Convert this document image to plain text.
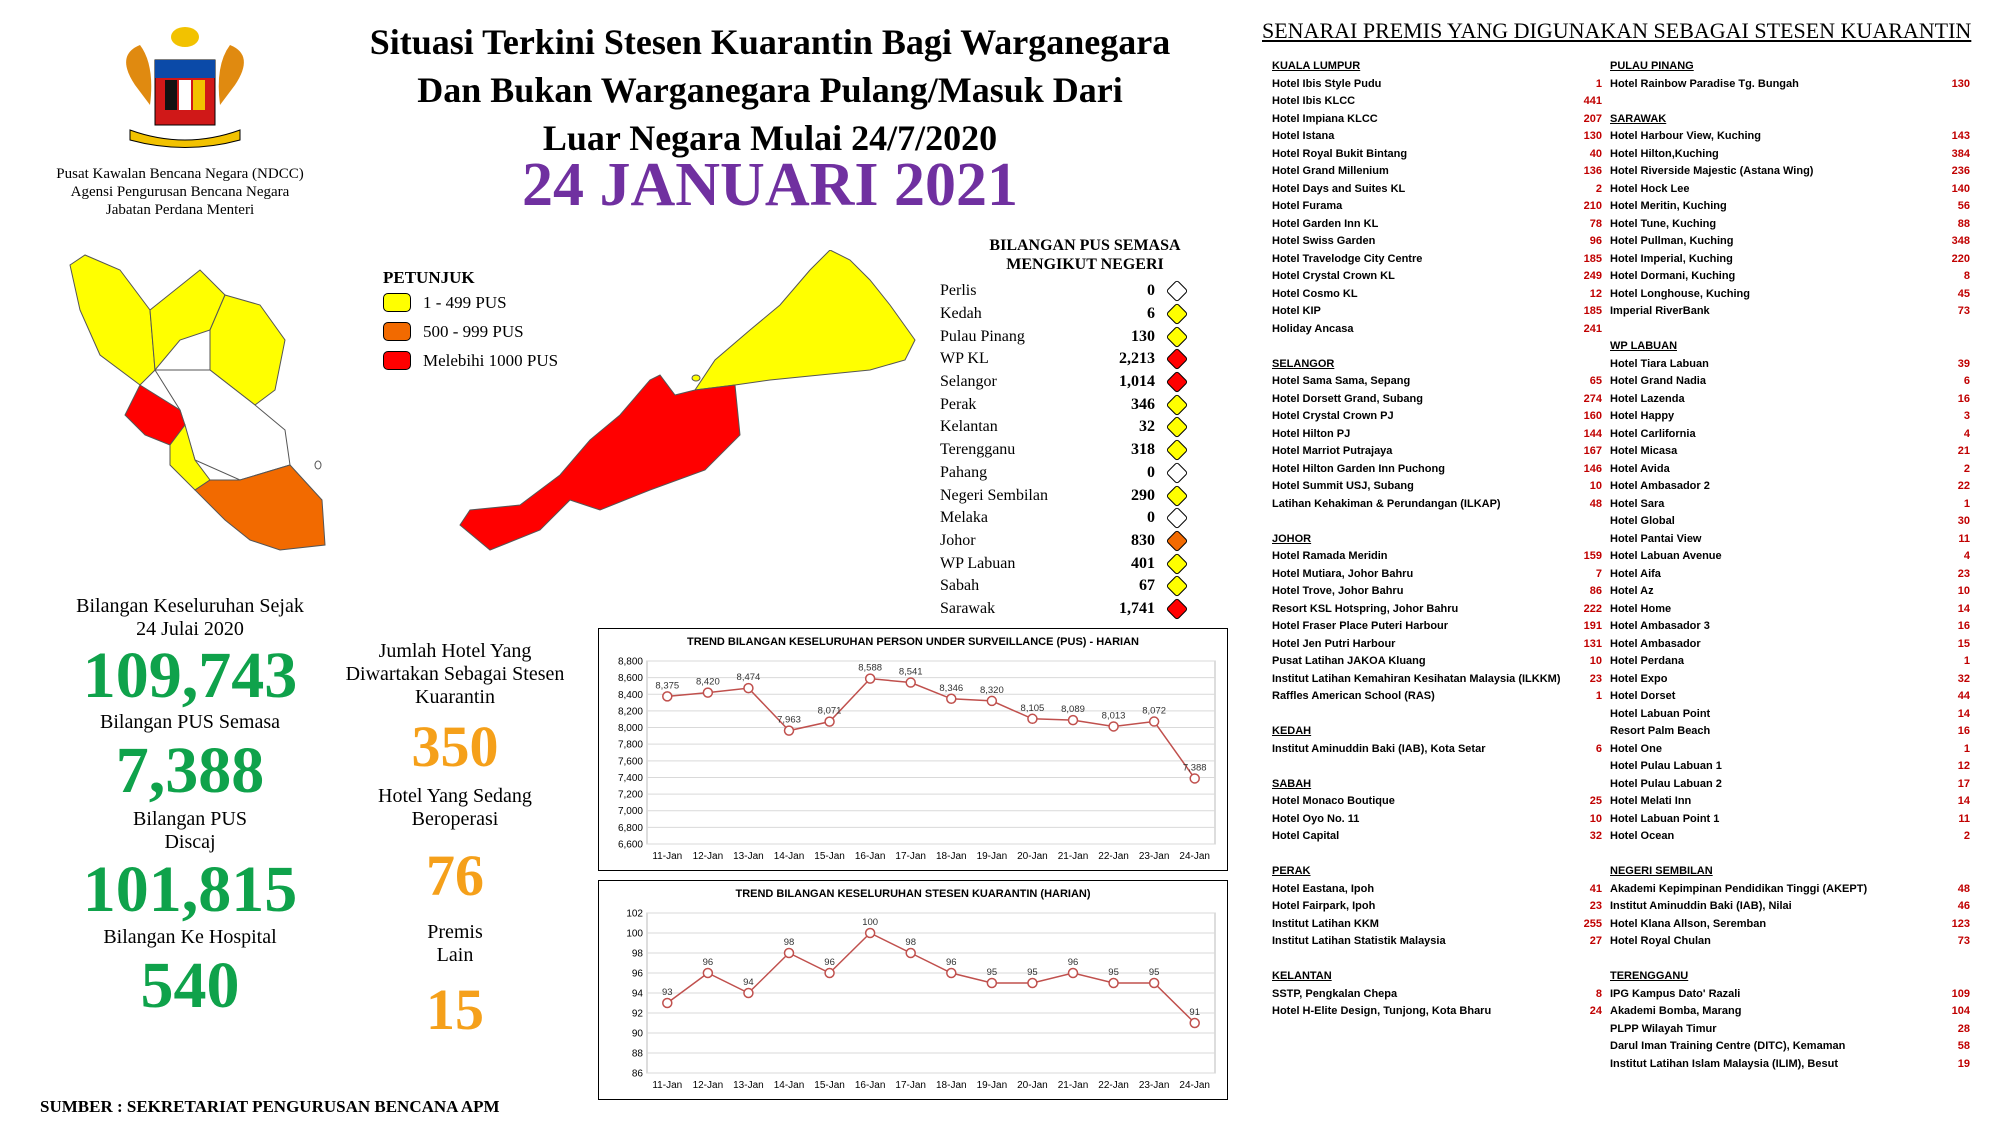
Pusat Kawalan Bencana Negara (NDCC)
Agensi Pengurusan Bencana Negara
Jabatan Perdana Menteri
Situasi Terkini Stesen Kuarantin Bagi Warganegara
Dan Bukan Warganegara Pulang/Masuk Dari
Luar Negara Mulai 24/7/2020
24 JANUARI 2021
PETUNJUK
1 - 499 PUS
500 - 999 PUS
Melebihi 1000 PUS
BILANGAN PUS SEMASA
MENGIKUT NEGERI
Perlis	0
Kedah	6
Pulau Pinang	130
WP KL	2,213
Selangor	1,014
Perak	346
Kelantan	32
Terengganu	318
Pahang	0
Negeri Sembilan	290
Melaka	0
Johor	830
WP Labuan	401
Sabah	67
Sarawak	1,741
Bilangan Keseluruhan Sejak
24 Julai 2020
109,743
Bilangan PUS Semasa
7,388
Bilangan PUS
Discaj
101,815
Bilangan Ke Hospital
540
Jumlah Hotel Yang
Diwartakan Sebagai Stesen
Kuarantin
350
Hotel Yang Sedang
Beroperasi
76
Premis
Lain
15
TREND BILANGAN KESELURUHAN PERSON UNDER SURVEILLANCE (PUS) - HARIAN
6,600
6,800
7,000
7,200
7,400
7,600
7,800
8,000
8,200
8,400
8,600
8,800
11-Jan 12-Jan 13-Jan 14-Jan 15-Jan 16-Jan 17-Jan 18-Jan 19-Jan 20-Jan 21-Jan 22-Jan 23-Jan 24-Jan
8,375 8,420 8,474
7,963
8,071
8,588 8,541
8,346 8,320
8,105 8,089
8,013 8,072
7,388
TREND BILANGAN KESELURUHAN STESEN KUARANTIN (HARIAN)
86
88
90
92
94
96
98
100
102
11-Jan 12-Jan 13-Jan 14-Jan 15-Jan 16-Jan 17-Jan 18-Jan 19-Jan 20-Jan 21-Jan 22-Jan 23-Jan 24-Jan
93
96
94
98
96
100
98
96
95	95
96
95	95
91
SUMBER : SEKRETARIAT PENGURUSAN BENCANA APM
SENARAI PREMIS YANG DIGUNAKAN SEBAGAI STESEN KUARANTIN
KUALA LUMPUR
Hotel Ibis Style Pudu	1
Hotel Ibis KLCC	441
Hotel Impiana KLCC	207
Hotel Istana	130
Hotel Royal Bukit Bintang	40
Hotel Grand Millenium	136
Hotel Days and Suites KL	2
Hotel Furama	210
Hotel Garden Inn KL	78
Hotel Swiss Garden	96
Hotel Travelodge City Centre	185
Hotel Crystal Crown KL	249
Hotel Cosmo KL	12
Hotel KIP	185
Holiday Ancasa	241
SELANGOR
Hotel Sama Sama, Sepang	65
Hotel Dorsett Grand, Subang	274
Hotel Crystal Crown PJ	160
Hotel Hilton PJ	144
Hotel Marriot Putrajaya	167
Hotel Hilton Garden Inn Puchong	146
Hotel Summit USJ, Subang	10
Latihan Kehakiman & Perundangan (ILKAP)	48
JOHOR
Hotel Ramada Meridin	159
Hotel Mutiara, Johor Bahru	7
Hotel Trove, Johor Bahru	86
Resort KSL Hotspring, Johor Bahru	222
Hotel Fraser Place Puteri Harbour	191
Hotel Jen Putri Harbour	131
Pusat Latihan JAKOA Kluang	10
Institut Latihan Kemahiran Kesihatan Malaysia (ILKKM)	23
Raffles American School (RAS)	1
KEDAH
Institut Aminuddin Baki (IAB), Kota Setar	6
SABAH
Hotel Monaco Boutique	25
Hotel Oyo No. 11	10
Hotel Capital	32
PERAK
Hotel Eastana, Ipoh	41
Hotel Fairpark, Ipoh	23
Institut Latihan KKM	255
Institut Latihan Statistik Malaysia	27
KELANTAN
SSTP, Pengkalan Chepa	8
Hotel H-Elite Design, Tunjong, Kota Bharu	24
PULAU PINANG
Hotel Rainbow Paradise Tg. Bungah	130
SARAWAK
Hotel Harbour View, Kuching	143
Hotel Hilton,Kuching	384
Hotel Riverside Majestic (Astana Wing)	236
Hotel Hock Lee	140
Hotel Meritin, Kuching	56
Hotel Tune, Kuching	88
Hotel Pullman, Kuching	348
Hotel Imperial, Kuching	220
Hotel Dormani, Kuching	8
Hotel Longhouse, Kuching	45
Imperial RiverBank	73
WP LABUAN
Hotel Tiara Labuan	39
Hotel Grand Nadia	6
Hotel Lazenda	16
Hotel Happy	3
Hotel Carlifornia	4
Hotel Micasa	21
Hotel Avida	2
Hotel Ambasador 2	22
Hotel Sara	1
Hotel Global	30
Hotel Pantai View	11
Hotel Labuan Avenue	4
Hotel Aifa	23
Hotel Az	10
Hotel Home	14
Hotel Ambasador 3	16
Hotel Ambasador	15
Hotel Perdana	1
Hotel Expo	32
Hotel Dorset	44
Hotel Labuan Point	14
Resort Palm Beach	16
Hotel One	1
Hotel Pulau Labuan 1	12
Hotel Pulau Labuan 2	17
Hotel Melati Inn	14
Hotel Labuan Point 1	11
Hotel Ocean	2
NEGERI SEMBILAN
Akademi Kepimpinan Pendidikan Tinggi (AKEPT)	48
Institut Aminuddin Baki (IAB), Nilai	46
Hotel Klana Allson, Seremban	123
Hotel Royal Chulan	73
TERENGGANU
IPG Kampus Dato' Razali	109
Akademi Bomba, Marang	104
PLPP Wilayah Timur	28
Darul Iman Training Centre (DITC), Kemaman	58
Institut Latihan Islam Malaysia (ILIM), Besut	19
